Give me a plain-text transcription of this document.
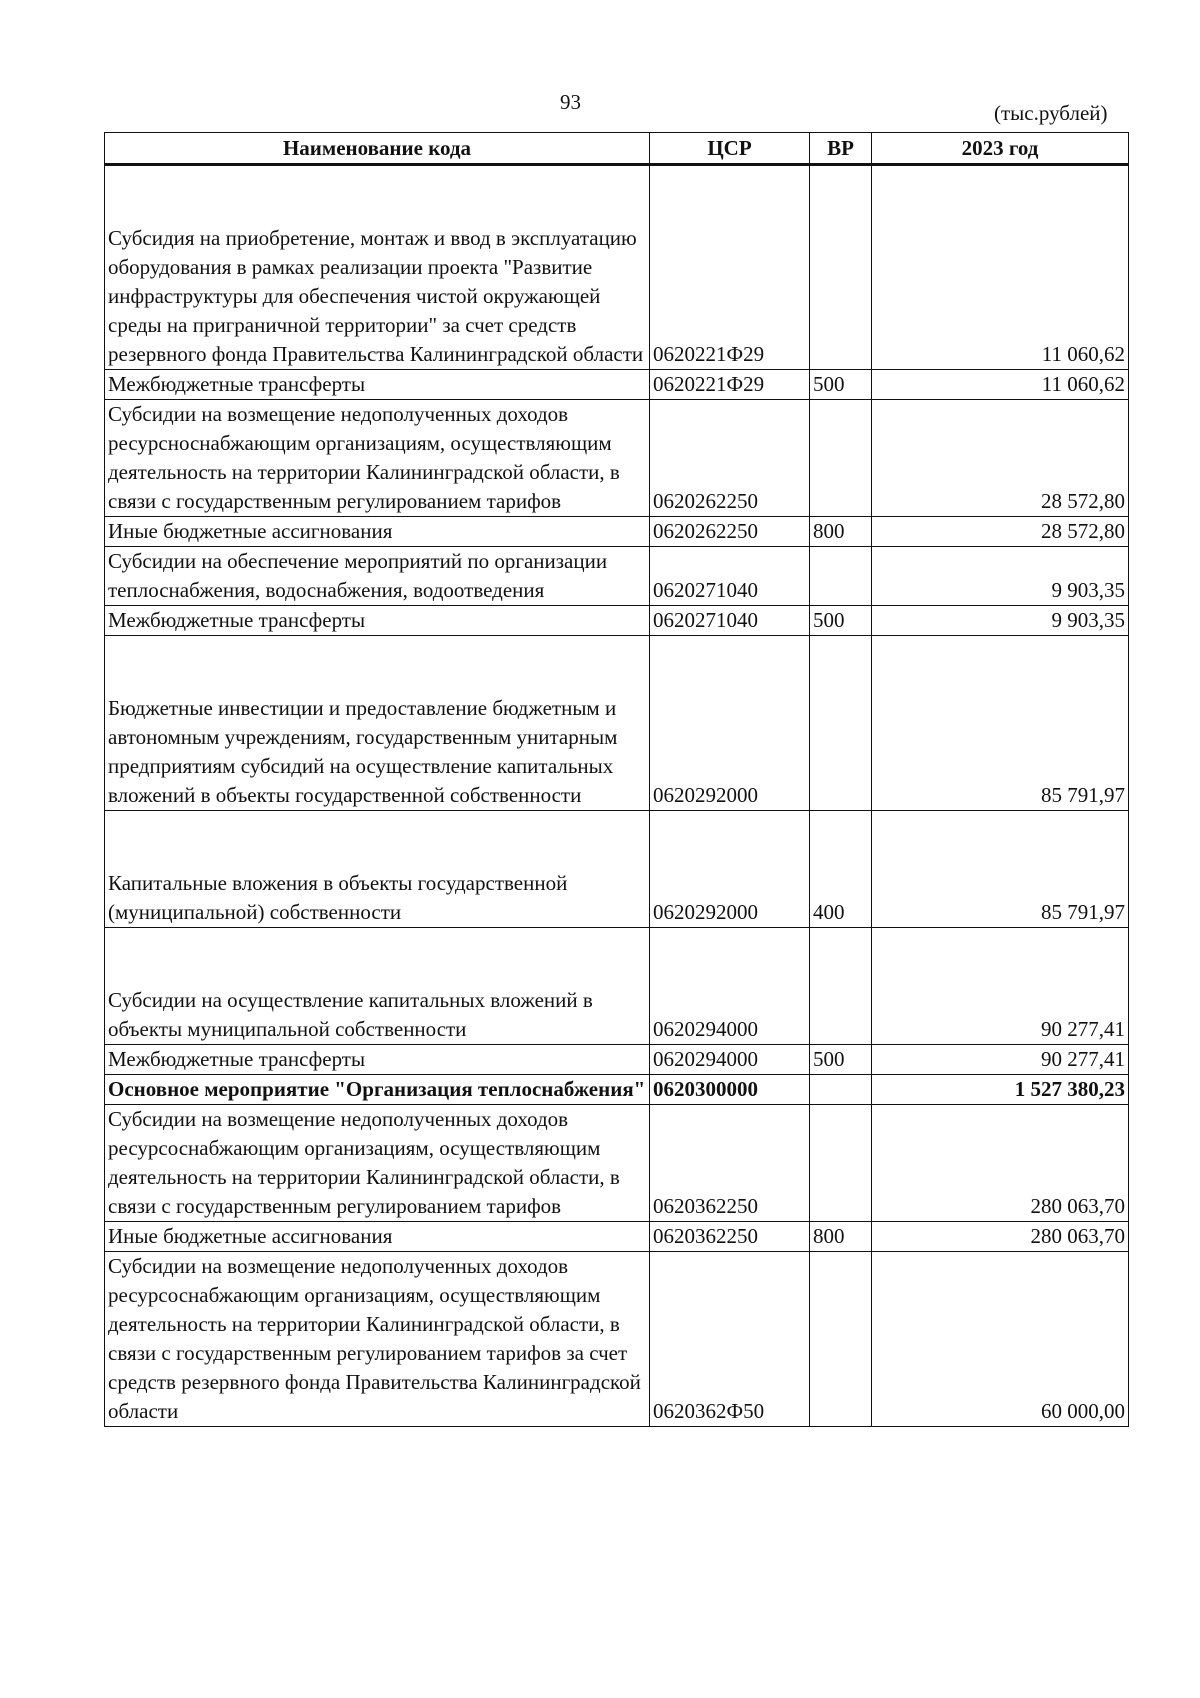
93	(тыс.рублей)
Наименование кода	ЦСР	ВР	2023 год
Субсидия на приобретение, монтаж и ввод в эксплуатацию оборудования в рамках реализации проекта "Развитие инфраструктуры для обеспечения чистой окружающей среды на приграничной территории" за счет средств резервного фонда Правительства Калининградской области	0620221Ф29		11 060,62
Межбюджетные трансферты	0620221Ф29	500	11 060,62
Субсидии на возмещение недополученных доходов ресурсноснабжающим организациям, осуществляющим деятельность на территории Калининградской области, в связи с государственным регулированием тарифов	0620262250		28 572,80
Иные бюджетные ассигнования	0620262250	800	28 572,80
Субсидии на обеспечение мероприятий по организации теплоснабжения, водоснабжения, водоотведения	0620271040		9 903,35
Межбюджетные трансферты	0620271040	500	9 903,35
Бюджетные инвестиции и предоставление бюджетным и автономным учреждениям, государственным унитарным предприятиям субсидий на осуществление капитальных вложений в объекты государственной собственности	0620292000		85 791,97
Капитальные вложения в объекты государственной (муниципальной) собственности	0620292000	400	85 791,97
Субсидии на осуществление капитальных вложений в объекты муниципальной собственности	0620294000		90 277,41
Межбюджетные трансферты	0620294000	500	90 277,41
Основное мероприятие "Организация теплоснабжения"	0620300000		1 527 380,23
Субсидии на возмещение недополученных доходов ресурсоснабжающим организациям, осуществляющим деятельность на территории Калининградской области, в связи с государственным регулированием тарифов	0620362250		280 063,70
Иные бюджетные ассигнования	0620362250	800	280 063,70
Субсидии на возмещение недополученных доходов ресурсоснабжающим организациям, осуществляющим деятельность на территории Калининградской области, в связи с государственным регулированием тарифов за счет средств резервного фонда Правительства Калининградской области	0620362Ф50		60 000,00
